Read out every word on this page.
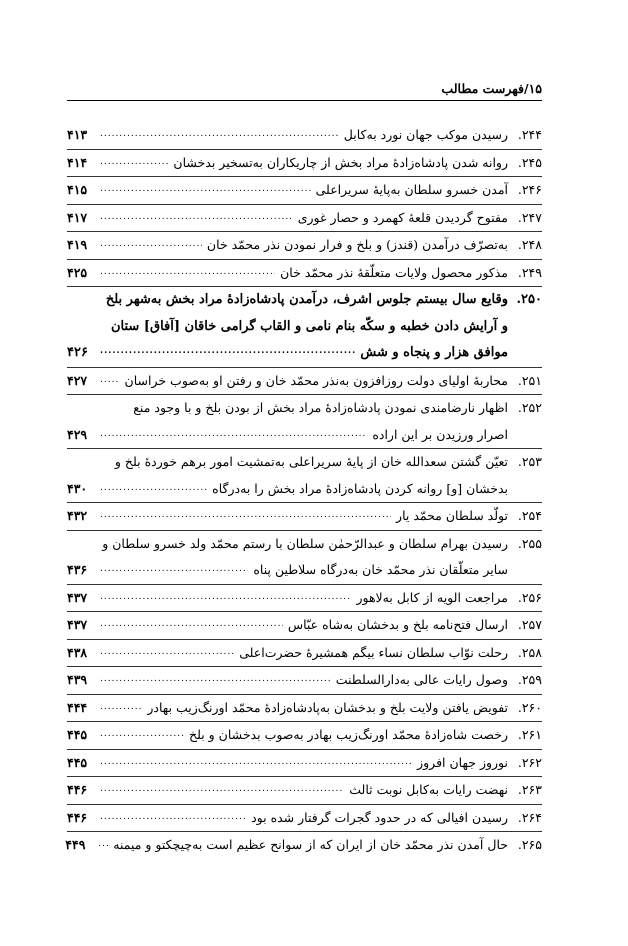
۱۵/فهرست مطالب
۲۴۴.
رسیدن موکب جهان نورد به‌کابل
.....
۴۱۳
۲۴۵.
روانه شدن پادشاه‌زادهٔ مراد بخش از چاریکاران به‌تسخیر بدخشان
.....
۴۱۴
۲۴۶.
آمدن خسرو سلطان به‌پایهٔ سریراعلی
.....
۴۱۵
۲۴۷.
مفتوح گردیدن قلعهٔ کهمرد و حصار غوری
.....
۴۱۷
۲۴۸.
به‌تصرّف درآمدن (قندز) و بلخ و فرار نمودن نذر محمّد خان
.....
۴۱۹
۲۴۹.
مذکور محصول ولایات متعلّقهٔ نذر محمّد خان
.....
۴۲۵
۲۵۰.
وقایع سال بیستم جلوس اشرف، درآمدن پادشاه‌زادهٔ مراد بخش به‌شهر بلخ
و آرایش دادن خطبه و سکّه بنام نامی و القاب گرامی خاقان [آفاق] ستان
موافق هزار و پنجاه و شش
.....
۴۲۶
۲۵۱.
محاربهٔ اولیای دولت روزافزون به‌نذر محمّد خان و رفتن او به‌صوب خراسان
.....
۴۲۷
۲۵۲.
اظهار نارضامندی نمودن پادشاه‌زادهٔ مراد بخش از بودن بلخ و با وجود منع
اصرار ورزیدن بر این اراده
.....
۴۲۹
۲۵۳.
تعیّن گشتن سعدالله خان از پایهٔ سریراعلی به‌تمشیت امور برهم خوردهٔ بلخ و
بدخشان [و] روانه کردن پادشاه‌زادهٔ مراد بخش را به‌درگاه
.....
۴۳۰
۲۵۴.
تولّد سلطان محمّد یار
.....
۴۳۲
۲۵۵.
رسیدن بهرام سلطان و عبدالرّحمٰن سلطان با رستم محمّد ولد خسرو سلطان و
سایر متعلّقان نذر محمّد خان به‌درگاه سلاطین پناه
.....
۴۳۶
۲۵۶.
مراجعت الویه از کابل به‌لاهور
.....
۴۳۷
۲۵۷.
ارسال فتح‌نامه بلخ و بدخشان به‌شاه عبّاس
.....
۴۳۷
۲۵۸.
رحلت نوّاب سلطان نساء بیگم همشیرهٔ حضرت‌اعلی
.....
۴۳۸
۲۵۹.
وصول رایات عالی به‌دارالسلطنت
.....
۴۳۹
۲۶۰.
تفویض یافتن ولایت بلخ و بدخشان به‌پادشاه‌زادهٔ محمّد اورنگ‌زیب بهادر
.....
۴۴۴
۲۶۱.
رخصت شاه‌زادهٔ محمّد اورنگ‌زیب بهادر به‌صوب بدخشان و بلخ
.....
۴۴۵
۲۶۲.
نوروز جهان افروز
.....
۴۴۵
۲۶۳.
نهضت رایات به‌کابل نوبت ثالث
.....
۴۴۶
۲۶۴.
رسیدن افیالی که در حدود گجرات گرفتار شده بود
.....
۴۴۶
۲۶۵.
حال آمدن نذر محمّد خان از ایران که از سوانح عظیم است به‌چیچکتو و میمنه
.....
۴۴۹
